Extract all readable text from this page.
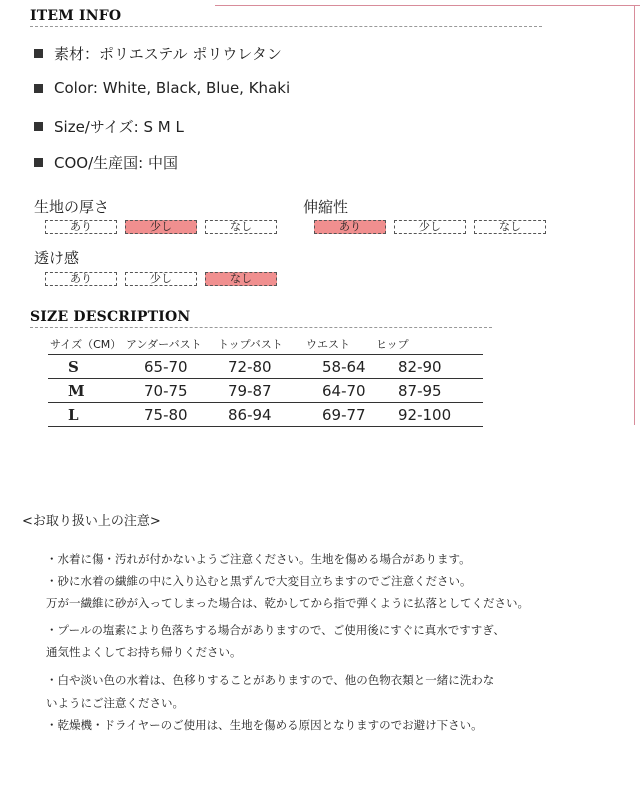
ITEM INFO
素材：ポリエステル ポリウレタン
Color: White, Black, Blue, Khaki
Size/サイズ: S M L
COO/生産国: 中国
生地の厚さ
あり	少し	なし
伸縮性
あり	少し	なし
透け感
あり	少し	なし
SIZE DESCRIPTION
サイズ（CM） アンダーバスト	トップバスト	ウエスト	ヒップ
S	65-70	72-80	58-64	82-90
M	70-75	79-87	64-70	87-95
L	75-80	86-94	69-77	92-100
<お取り扱い上の注意>
・水着に傷・汚れが付かないようご注意ください。生地を傷める場合があります。
・砂に水着の繊維の中に入り込むと黒ずんで大変目立ちますのでご注意ください。
万が一繊維に砂が入ってしまった場合は、乾かしてから指で弾くように払落としてください。
・プールの塩素により色落ちする場合がありますので、ご使用後にすぐに真水ですすぎ、
通気性よくしてお持ち帰りください。
・白や淡い色の水着は、色移りすることがありますので、他の色物衣類と一緒に洗わな
いようにご注意ください。
・乾燥機・ドライヤーのご使用は、生地を傷める原因となりますのでお避け下さい。
